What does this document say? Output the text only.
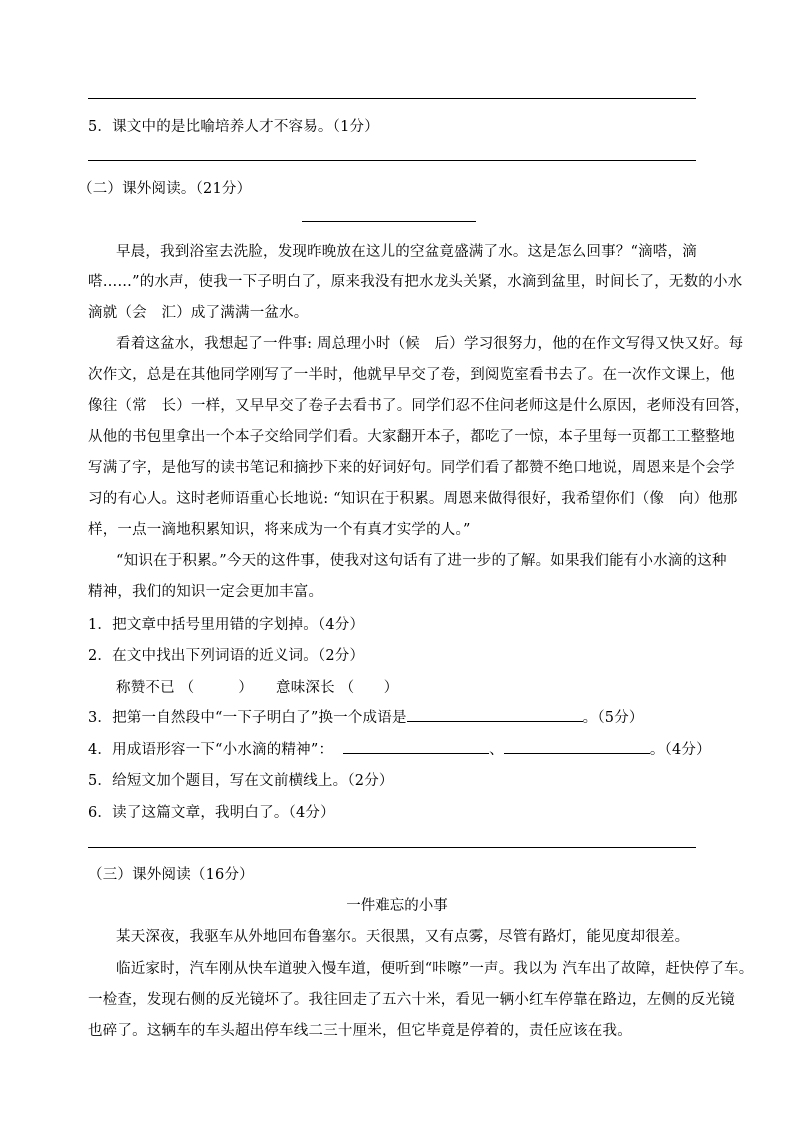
5．课文中的是比喻培养人才不容易。（1分）
（二）课外阅读。（21分）
早晨，我到浴室去洗脸，发现昨晚放在这儿的空盆竟盛满了水。这是怎么回事？“滴嗒，滴
嗒……”的水声，使我一下子明白了，原来我没有把水龙头关紧，水滴到盆里，时间长了，无数的小水
滴就（会　汇）成了满满一盆水。
看着这盆水，我想起了一件事: 周总理小时（候　后）学习很努力，他的在作文写得又快又好。每
次作文，总是在其他同学刚写了一半时，他就早早交了卷，到阅览室看书去了。在一次作文课上，他
像往（常　长）一样，又早早交了卷子去看书了。同学们忍不住问老师这是什么原因，老师没有回答，
从他的书包里拿出一个本子交给同学们看。大家翻开本子，都吃了一惊，本子里每一页都工工整整地
写满了字，是他写的读书笔记和摘抄下来的好词好句。同学们看了都赞不绝口地说，周恩来是个会学
习的有心人。这时老师语重心长地说: “知识在于积累。周恩来做得很好，我希望你们（像　向）他那
样，一点一滴地积累知识，将来成为一个有真才实学的人。”
“知识在于积累。”今天的这件事，使我对这句话有了进一步的了解。如果我们能有小水滴的这种
精神，我们的知识一定会更加丰富。
1．把文章中括号里用错的字划掉。（4分）
2．在文中找出下列词语的近义词。（2分）
称赞不已 （　　　） 意味深长 （　　）
3．把第一自然段中“一下子明白了”换一个成语是	。（5分）
4．用成语形容一下“小水滴的精神”：	、	。（4分）
5．给短文加个题目，写在文前横线上。（2分）
6．读了这篇文章，我明白了。（4分）
（三）课外阅读（16分）
一件难忘的小事
某天深夜，我驱车从外地回布鲁塞尔。天很黑，又有点雾，尽管有路灯，能见度却很差。
临近家时，汽车刚从快车道驶入慢车道，便听到“咔嚓”一声。我以为 汽车出了故障，赶快停了车。
一检查，发现右侧的反光镜坏了。我往回走了五六十米，看见一辆小红车停靠在路边，左侧的反光镜
也碎了。这辆车的车头超出停车线二三十厘米，但它毕竟是停着的，责任应该在我。
